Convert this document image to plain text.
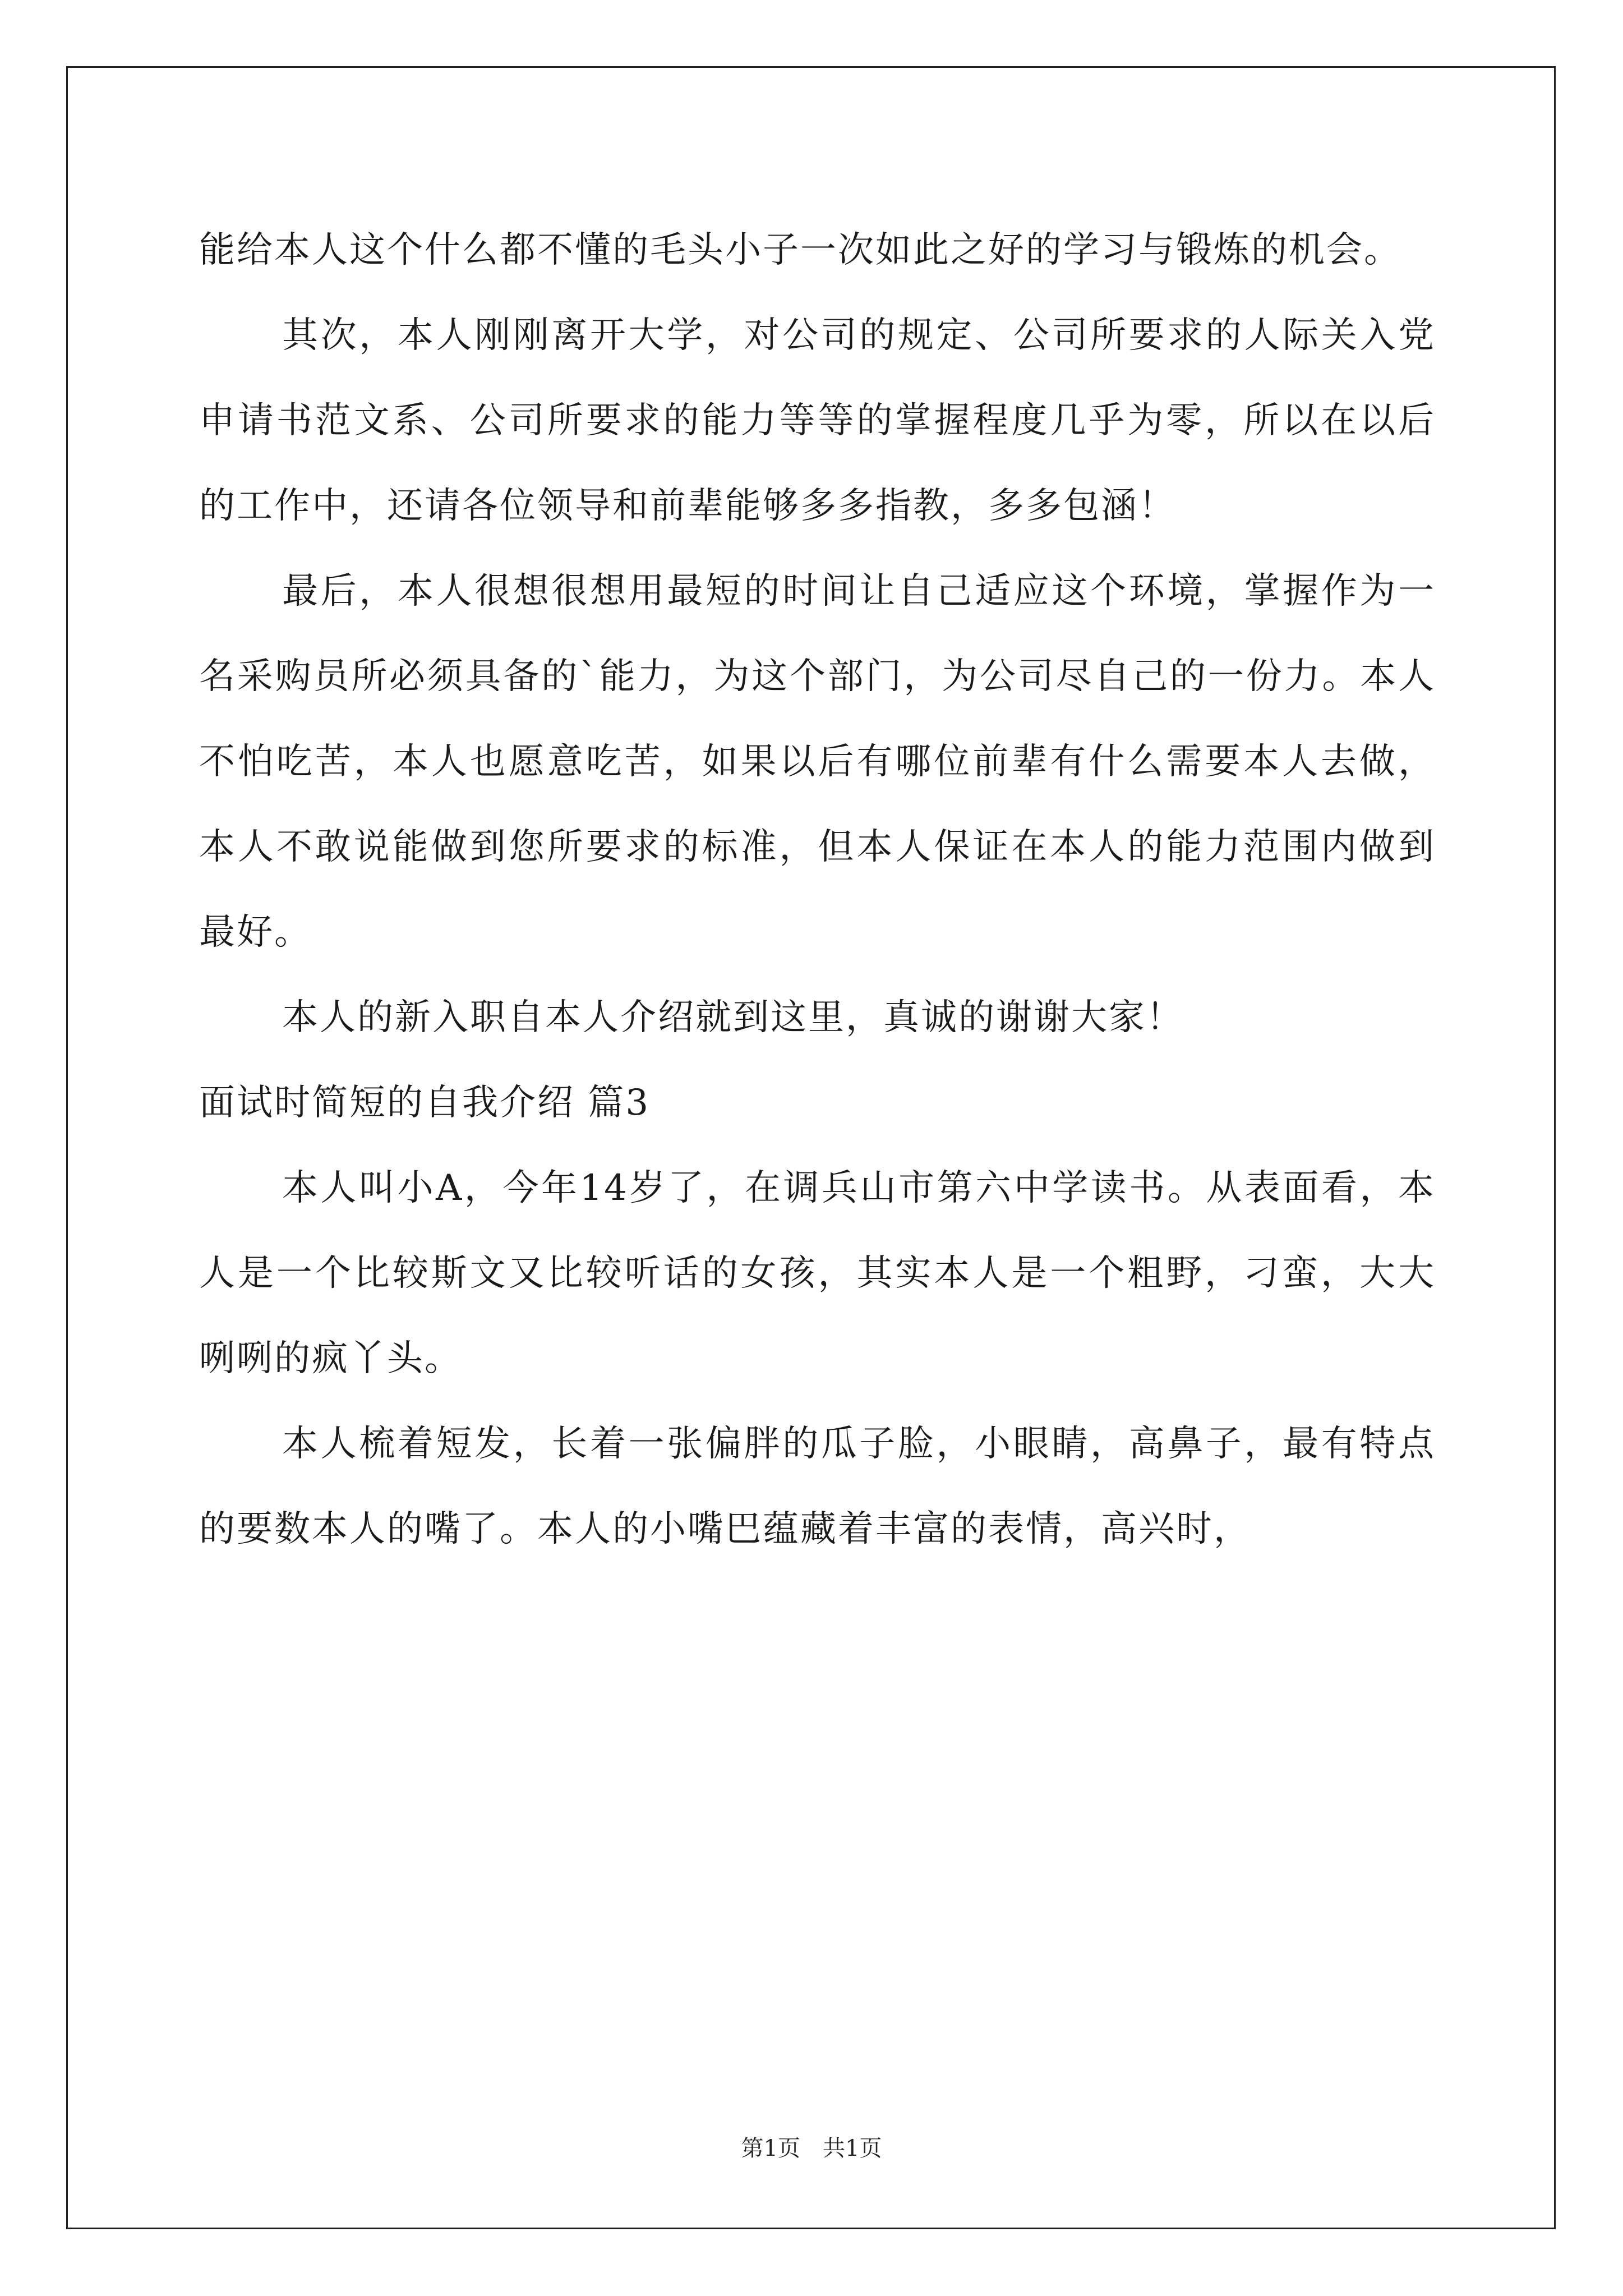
能给本人这个什么都不懂的毛头小子一次如此之好的学习与锻炼的机会。

其次，本人刚刚离开大学，对公司的规定、公司所要求的人际关入党申请书范文系、公司所要求的能力等等的掌握程度几乎为零，所以在以后的工作中，还请各位领导和前辈能够多多指教，多多包涵！

最后，本人很想很想用最短的时间让自己适应这个环境，掌握作为一名采购员所必须具备的`能力，为这个部门，为公司尽自己的一份力。本人不怕吃苦，本人也愿意吃苦，如果以后有哪位前辈有什么需要本人去做，本人不敢说能做到您所要求的标准，但本人保证在本人的能力范围内做到最好。

本人的新入职自本人介绍就到这里，真诚的谢谢大家！

面试时简短的自我介绍 篇3

本人叫小A，今年14岁了，在调兵山市第六中学读书。从表面看，本人是一个比较斯文又比较听话的女孩，其实本人是一个粗野，刁蛮，大大咧咧的疯丫头。

本人梳着短发，长着一张偏胖的瓜子脸，小眼睛，高鼻子，最有特点的要数本人的嘴了。本人的小嘴巴蕴藏着丰富的表情，高兴时，

第1页　共1页
